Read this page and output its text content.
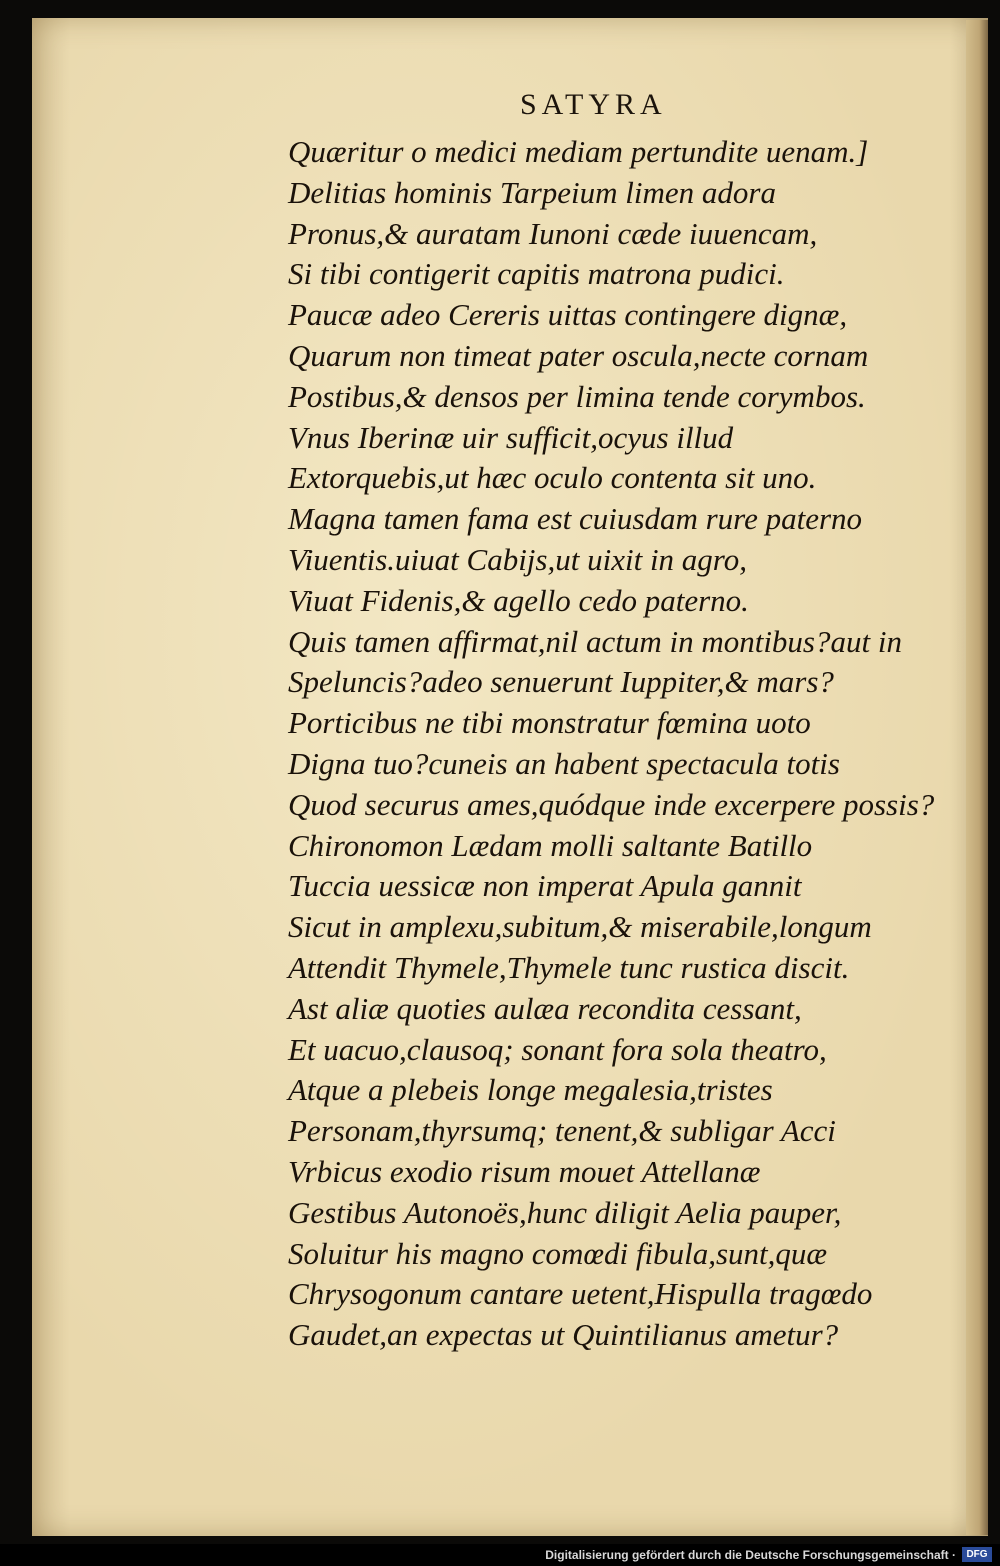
SATYRA
Quæritur o medici mediam pertundite uenam.]
Delitias hominis Tarpeium limen adora
Pronus,& auratam Iunoni cæde iuuencam,
Si tibi contigerit capitis matrona pudici.
Paucæ adeo Cereris uittas contingere dignæ,
Quarum non timeat pater oscula,necte cornam
Postibus,& densos per limina tende corymbos.
Vnus Iberinæ uir sufficit,ocyus illud
Extorquebis,ut hæc oculo contenta sit uno.
Magna tamen fama est cuiusdam rure paterno
Viuentis.uiuat Cabijs,ut uixit in agro,
Viuat Fidenis,& agello cedo paterno.
Quis tamen affirmat,nil actum in montibus?aut in
Speluncis?adeo senuerunt Iuppiter,& mars?
Porticibus ne tibi monstratur fœmina uoto
Digna tuo?cuneis an habent spectacula totis
Quod securus ames,quódque inde excerpere possis?
Chironomon Lædam molli saltante Batillo
Tuccia uessicæ non imperat Apula gannit
Sicut in amplexu,subitum,& miserabile,longum
Attendit Thymele,Thymele tunc rustica discit.
Ast aliæ quoties aulæa recondita cessant,
Et uacuo,clausoq; sonant fora sola theatro,
Atque a plebeis longe megalesia,tristes
Personam,thyrsumq; tenent,& subligar Acci
Vrbicus exodio risum mouet Attellanæ
Gestibus Autonoës,hunc diligit Aelia pauper,
Soluitur his magno comœdi fibula,sunt,quæ
Chrysogonum cantare uetent,Hispulla tragœdo
Gaudet,an expectas ut Quintilianus ametur?
Digitalisierung gefördert durch die Deutsche Forschungsgemeinschaft ·	DFG
